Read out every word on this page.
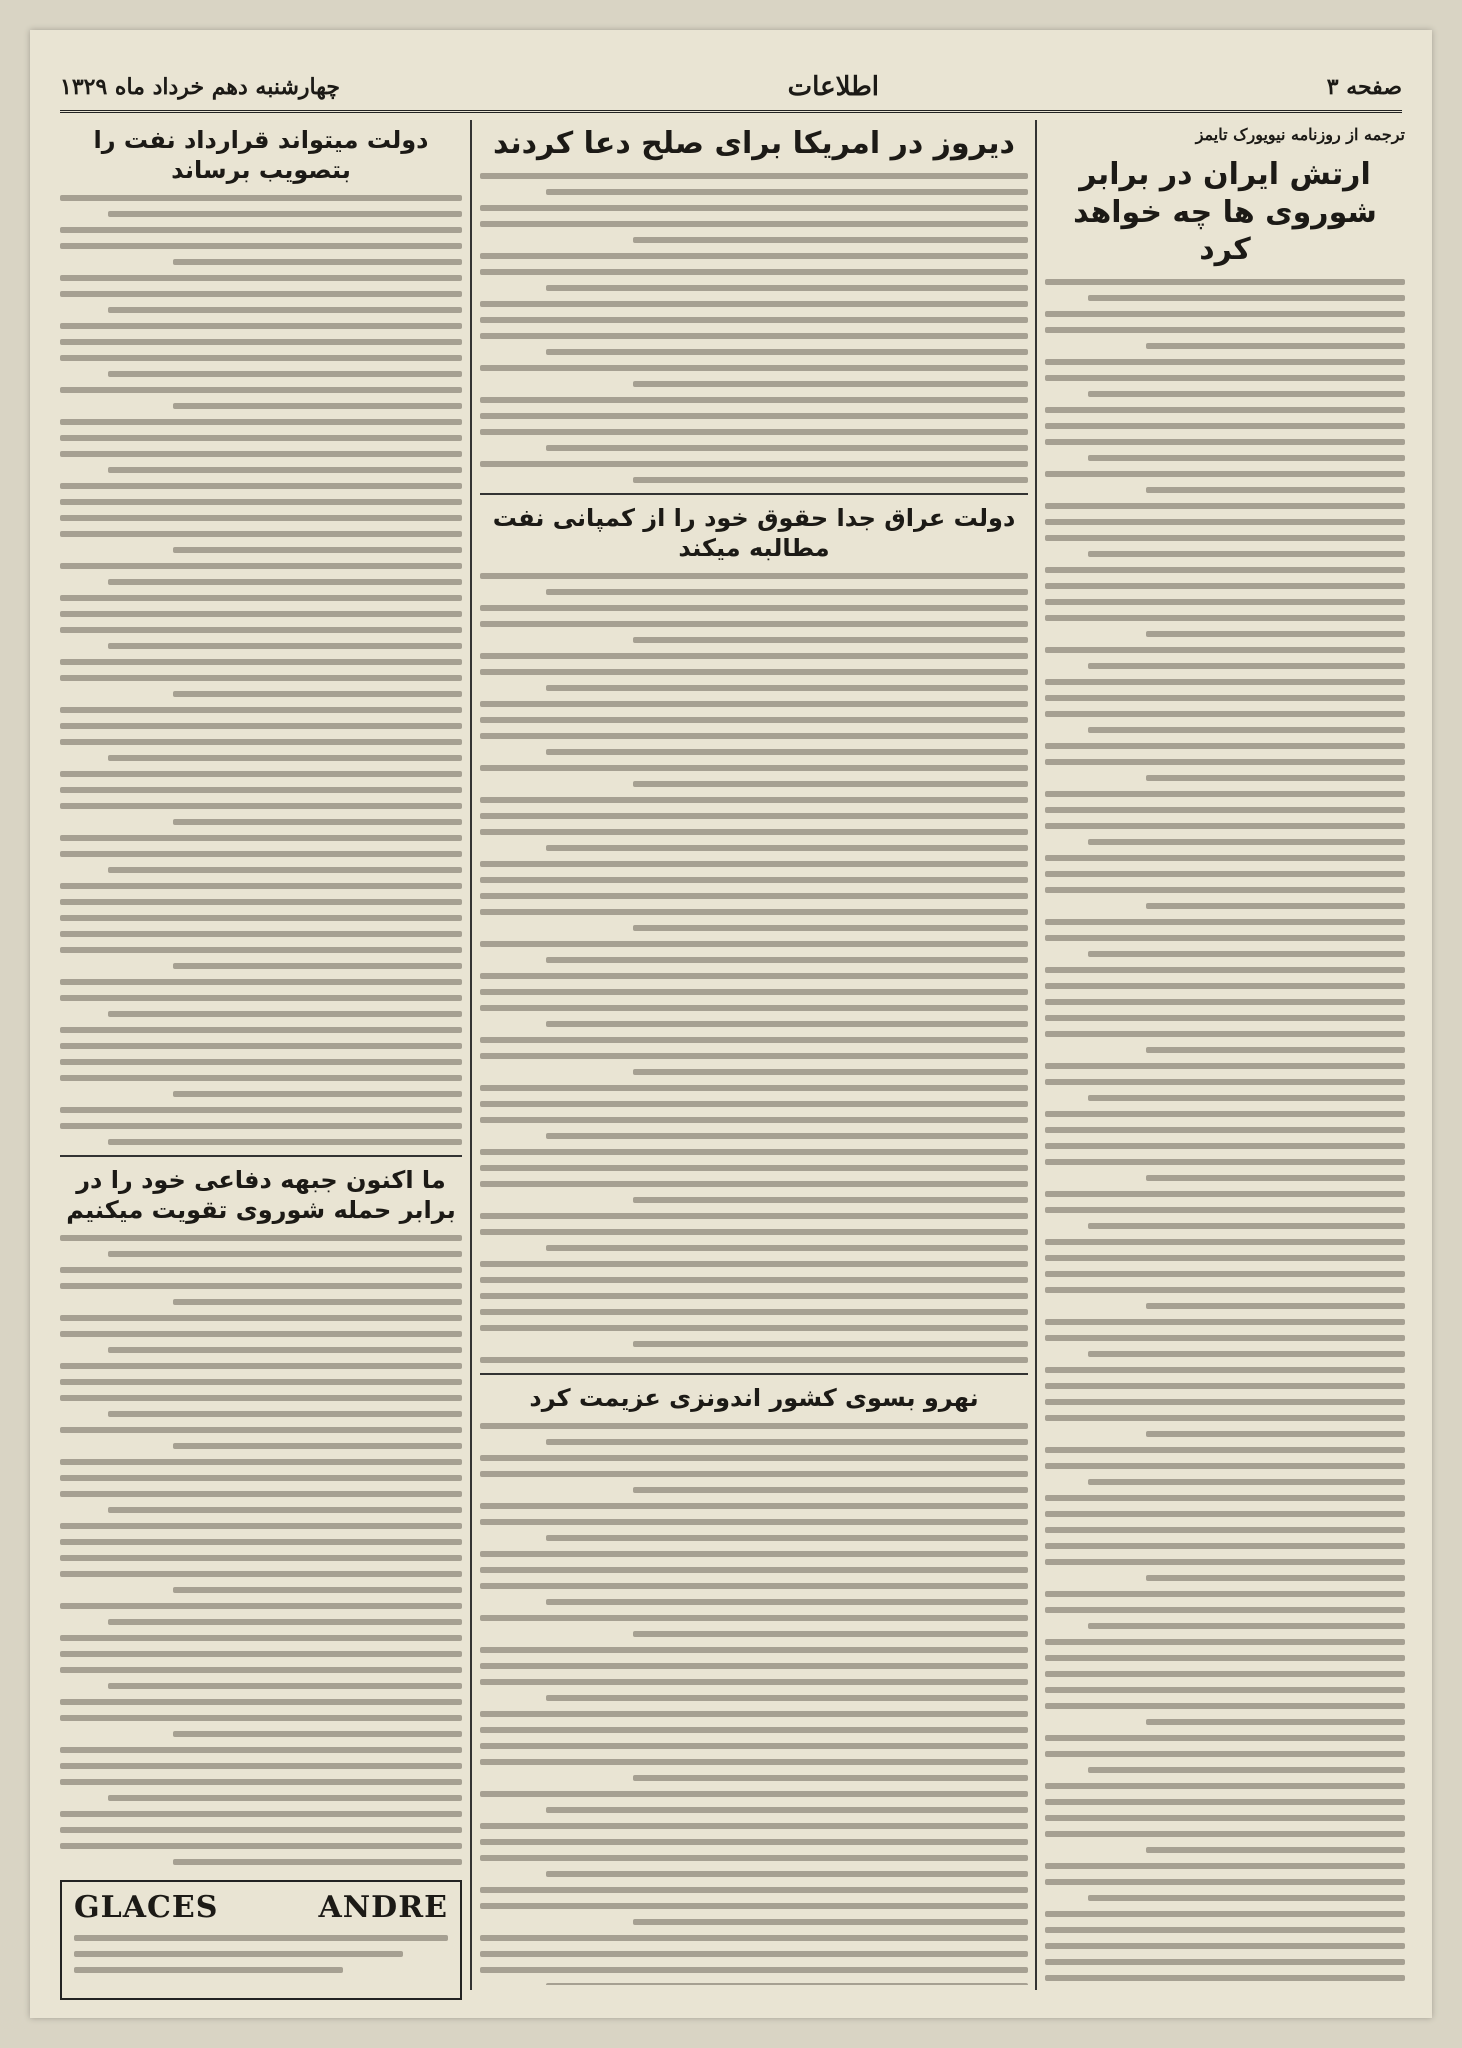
صفحه ۳
اطلاعات
چهارشنبه دهم خرداد ماه ۱۳۲۹
ترجمه از روزنامه نیویورک تایمز
ارتش ایران در برابر شوروی ها چه خواهد کرد
دیروز در امریکا برای صلح دعا کردند
دولت عراق جدا حقوق خود را از کمپانی نفت مطالبه میکند
نهرو بسوی کشور اندونزی عزیمت کرد
دولت میتواند قرارداد نفت را بتصویب برساند
ما اکنون جبهه دفاعی خود را در برابر حمله شوروی تقویت میکنیم
GLACES	ANDRE
